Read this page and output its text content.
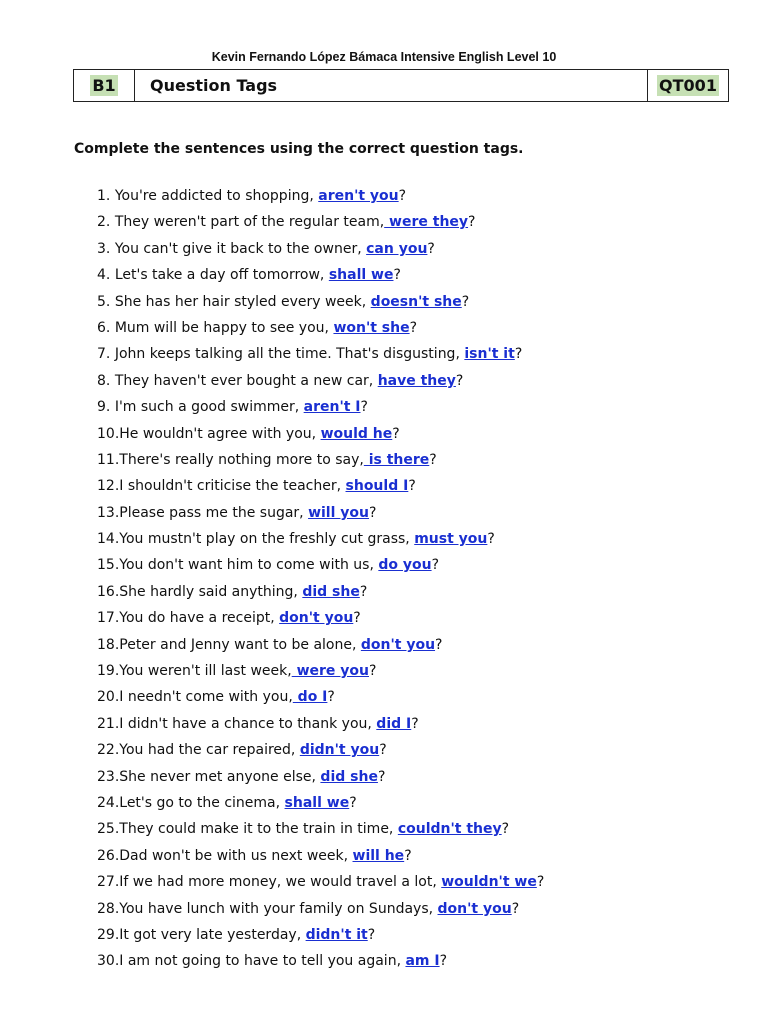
Kevin Fernando López Bámaca Intensive English Level 10
B1 Question Tags	QT001
Complete the sentences using the correct question tags.
1. You're addicted to shopping, aren't you?
2. They weren't part of the regular team, were they?
3. You can't give it back to the owner, can you?
4. Let's take a day off tomorrow, shall we?
5. She has her hair styled every week, doesn't she?
6. Mum will be happy to see you, won't she?
7. John keeps talking all the time. That's disgusting, isn't it?
8. They haven't ever bought a new car, have they?
9. I'm such a good swimmer, aren't I?
10.He wouldn't agree with you, would he?
11.There's really nothing more to say, is there?
12.I shouldn't criticise the teacher, should I?
13.Please pass me the sugar, will you?
14.You mustn't play on the freshly cut grass, must you?
15.You don't want him to come with us, do you?
16.She hardly said anything, did she?
17.You do have a receipt, don't you?
18.Peter and Jenny want to be alone, don't you?
19.You weren't ill last week, were you?
20.I needn't come with you, do I?
21.I didn't have a chance to thank you, did I?
22.You had the car repaired, didn't you?
23.She never met anyone else, did she?
24.Let's go to the cinema, shall we?
25.They could make it to the train in time, couldn't they?
26.Dad won't be with us next week, will he?
27.If we had more money, we would travel a lot, wouldn't we?
28.You have lunch with your family on Sundays, don't you?
29.It got very late yesterday, didn't it?
30.I am not going to have to tell you again, am I?
